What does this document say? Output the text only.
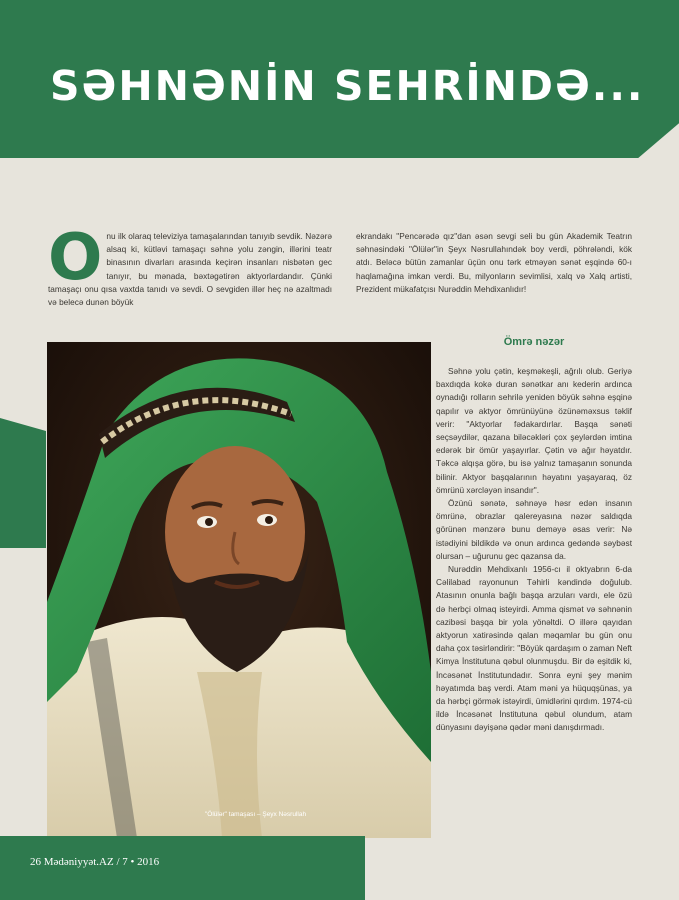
SƏHNƏNİN SEHRİNDƏ...
O nu ilk olaraq televiziya tamaşalarından tanıyıb sevdik. Nəzərə alsaq ki, kütləvi tamaşaçı səhnə yolu zəngin, illərini teatr binasının divarları arasında keçirən insanları nisbətən gec tanıyır, bu mənada, bəxtəgətirən aktyorlardandır. Çünki tamaşaçı onu qısa vaxtda tanıdı və sevdi. O sevgiden illər heç nə azaltmadı və belecə dunən böyük
ekrandakı "Pencərədə qız"dan əsən sevgi seli bu gün Akademik Teatrın səhnəsindəki "Ölülər"in Şeyx Nəsrullahındək boy verdi, pöhrələndi, kök atdı. Beləcə bütün zamanlar üçün onu tərk etməyən sənət eşqində 60-ı haqlamağına imkan verdi. Bu, milyonların sevimlisi, xalq və Xalq artisti, Prezident mükafatçısı Nurəddin Mehdixanlıdır!
Ömrə nəzər

Səhnə yolu çətin, keşməkeşli, ağrılı olub. Geriyə baxdıqda kokə duran sənətkar anı kederin ardınca oynadığı rolların sehrilə yeniden böyük səhnə eşqinə qapılır və aktyor ömrünüyünə özünəməxsus təklif verir: "Aktyorlar fədakardırlar. Başqa sənəti seçsəydilər, qazana biləcəkləri çox şeylərdən imtina edərək bir ömür yaşayırlar. Çətin və ağır həyatdır. Təkcə alqışa görə, bu isə yalnız tamaşanın sonunda bilinir. Aktyor başqalarının həyatını yaşayaraq, öz ömrünü xərcləyən insandır".

Özünü sənətə, səhnəyə həsr edən insanın ömrünə, obrazlar qalereyasına nəzər saldıqda görünən mənzərə bunu deməyə əsas verir: Nə istədiyini bildikdə və onun ardınca gedəndə səybəst olursan – uğurunu gec qazansa da.

Nurəddin Mehdixanlı 1956-cı il oktyabrın 6-da Cəlilabad rayonunun Təhirli kəndində doğulub. Atasının onunla bağlı başqa arzuları vardı, ele özü də herbçi olmaq isteyirdi. Amma qismət və səhnənin cazibəsi başqa bir yola yönəltdi. O illərə qayıdan aktyorun xatirəsində qalan məqamlar bu gün onu daha çox təsirləndirir: "Böyük qardaşım o zaman Neft Kimya İnstitutuna qəbul olunmuşdu. Bir də eşitdik ki, İncəsənət İnstitutundadır. Sonra eyni şey mənim həyatımda baş verdi. Atam məni ya hüquqşünas, ya da hərbçi görmək istəyirdi, ümidlərini qırdım. 1974-cü ildə İncəsənət İnstitutuna qəbul olundum, atam dünyasını dəyişənə qədər məni danışdırmadı.

"Ölülər" tamaşası – Şeyx Nəsrullah
26 Mədəniyyət.AZ / 7 • 2016
